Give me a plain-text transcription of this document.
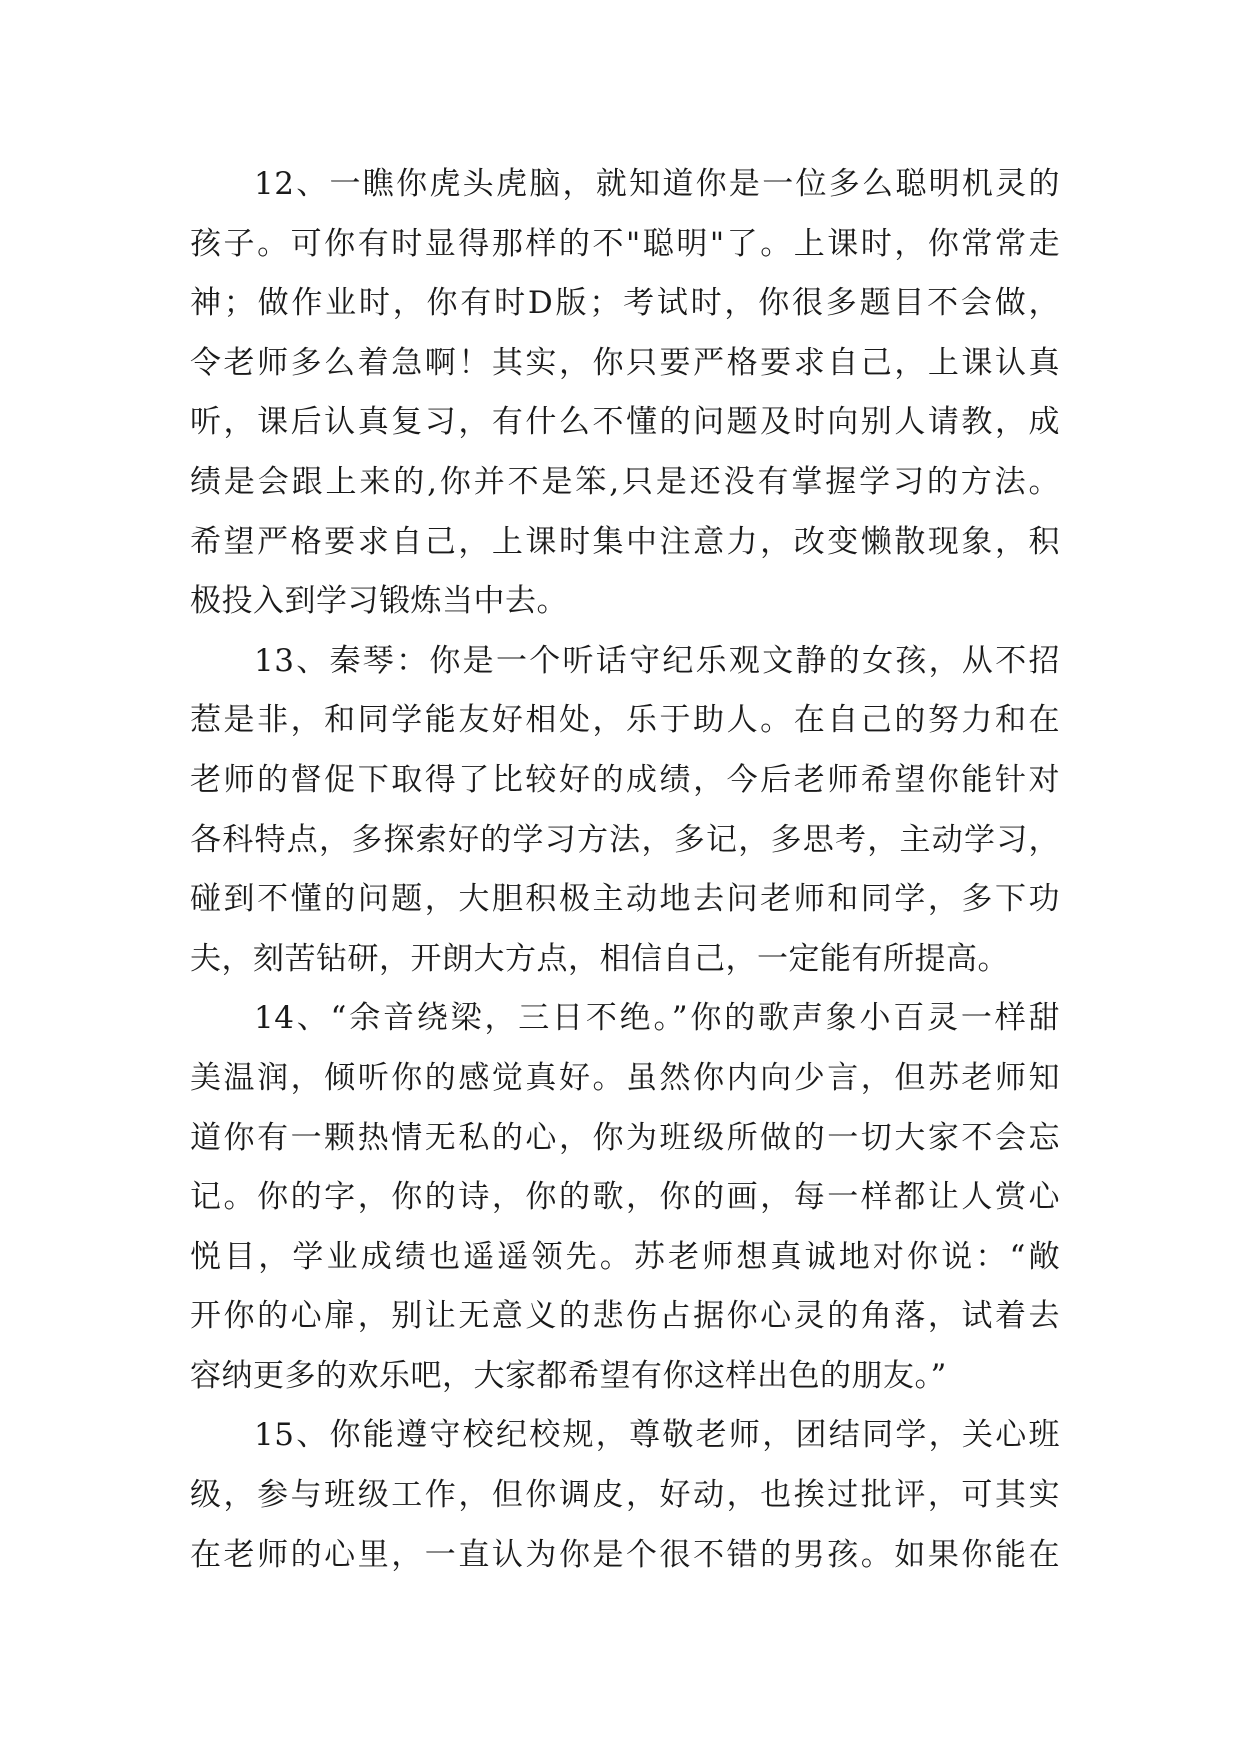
12、一瞧你虎头虎脑，就知道你是一位多么聪明机灵的
孩子。可你有时显得那样的不"聪明"了。上课时，你常常走
神；做作业时，你有时D版；考试时，你很多题目不会做，
令老师多么着急啊！其实，你只要严格要求自己，上课认真
听，课后认真复习，有什么不懂的问题及时向别人请教，成
绩是会跟上来的,你并不是笨,只是还没有掌握学习的方法。
希望严格要求自己，上课时集中注意力，改变懒散现象，积
极投入到学习锻炼当中去。
13、秦琴：你是一个听话守纪乐观文静的女孩，从不招
惹是非，和同学能友好相处，乐于助人。在自己的努力和在
老师的督促下取得了比较好的成绩，今后老师希望你能针对
各科特点，多探索好的学习方法，多记，多思考，主动学习，
碰到不懂的问题，大胆积极主动地去问老师和同学，多下功
夫，刻苦钻研，开朗大方点，相信自己，一定能有所提高。
14、“余音绕梁，三日不绝。”你的歌声象小百灵一样甜
美温润，倾听你的感觉真好。虽然你内向少言，但苏老师知
道你有一颗热情无私的心，你为班级所做的一切大家不会忘
记。你的字，你的诗，你的歌，你的画，每一样都让人赏心
悦目，学业成绩也遥遥领先。苏老师想真诚地对你说：“敞
开你的心扉，别让无意义的悲伤占据你心灵的角落，试着去
容纳更多的欢乐吧，大家都希望有你这样出色的朋友。”
15、你能遵守校纪校规，尊敬老师，团结同学，关心班
级，参与班级工作，但你调皮，好动，也挨过批评，可其实
在老师的心里，一直认为你是个很不错的男孩。如果你能在
